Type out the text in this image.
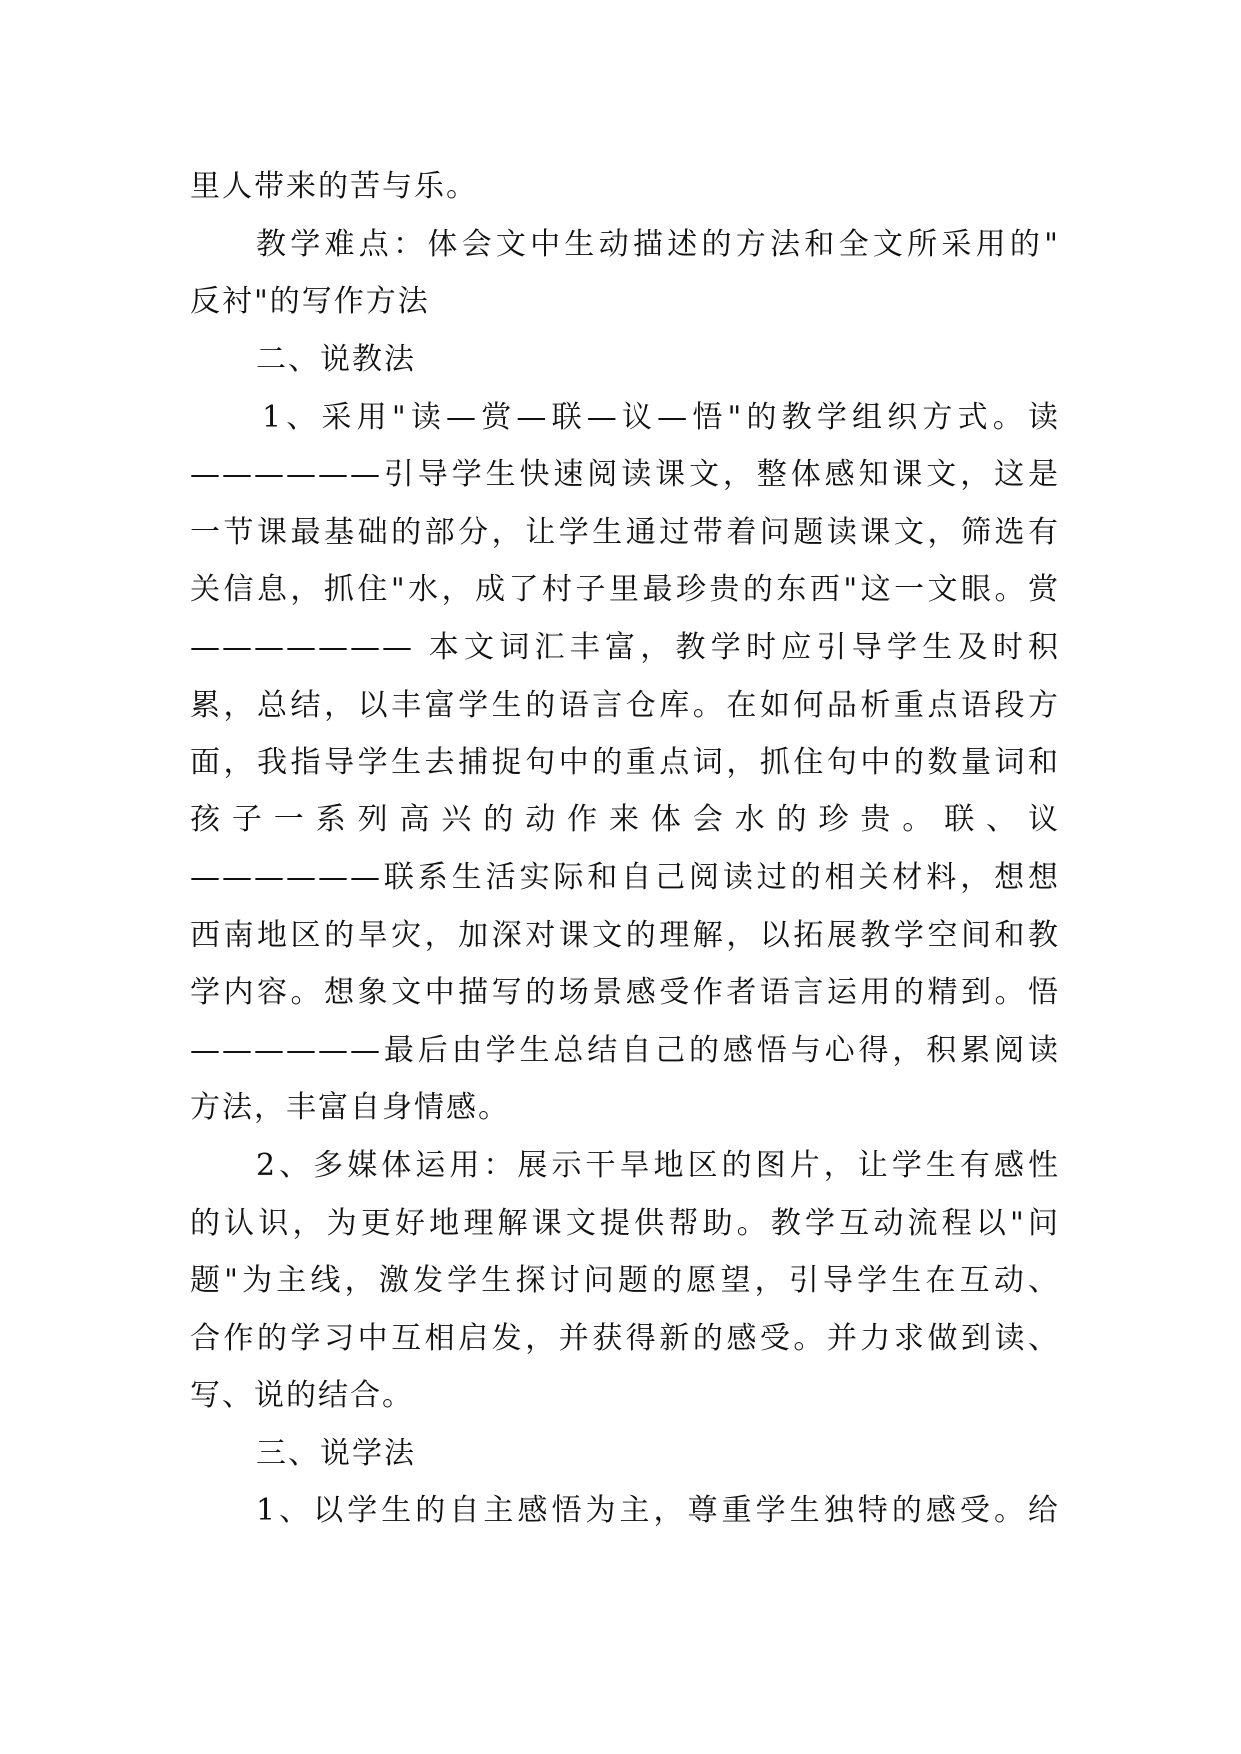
里人带来的苦与乐。
教学难点：体会文中生动描述的方法和全文所采用的"
反衬"的写作方法
二、说教法
1、采用"读—赏—联—议—悟"的教学组织方式。读
——————引导学生快速阅读课文，整体感知课文，这是
一节课最基础的部分，让学生通过带着问题读课文，筛选有
关信息，抓住"水，成了村子里最珍贵的东西"这一文眼。赏
——————— 本文词汇丰富，教学时应引导学生及时积
累，总结，以丰富学生的语言仓库。在如何品析重点语段方
面，我指导学生去捕捉句中的重点词，抓住句中的数量词和
孩子一系列高兴的动作来体会水的珍贵。联、议
——————联系生活实际和自己阅读过的相关材料，想想
西南地区的旱灾，加深对课文的理解，以拓展教学空间和教
学内容。想象文中描写的场景感受作者语言运用的精到。悟
——————最后由学生总结自己的感悟与心得，积累阅读
方法，丰富自身情感。
2、多媒体运用：展示干旱地区的图片，让学生有感性
的认识，为更好地理解课文提供帮助。教学互动流程以"问
题"为主线，激发学生探讨问题的愿望，引导学生在互动、
合作的学习中互相启发，并获得新的感受。并力求做到读、
写、说的结合。
三、说学法
1、以学生的自主感悟为主，尊重学生独特的感受。给
